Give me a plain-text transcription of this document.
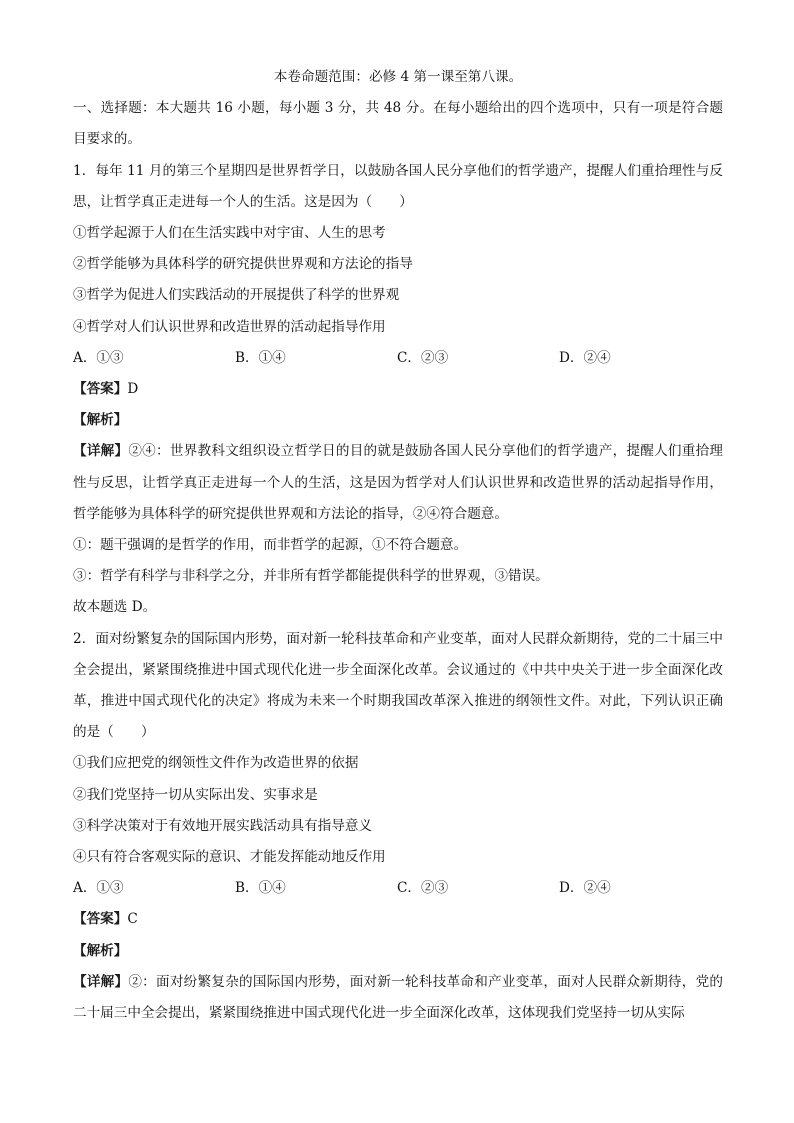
本卷命题范围：必修 4 第一课至第八课。
一、选择题：本大题共 16 小题，每小题 3 分，共 48 分。在每小题给出的四个选项中，只有一项是符合题目要求的。
1．每年 11 月的第三个星期四是世界哲学日，以鼓励各国人民分享他们的哲学遗产，提醒人们重拾理性与反思，让哲学真正走进每一个人的生活。这是因为（　　）
①哲学起源于人们在生活实践中对宇宙、人生的思考
②哲学能够为具体科学的研究提供世界观和方法论的指导
③哲学为促进人们实践活动的开展提供了科学的世界观
④哲学对人们认识世界和改造世界的活动起指导作用
A．①③	B．①④	C．②③	D．②④
【答案】D
【解析】
【详解】②④：世界教科文组织设立哲学日的目的就是鼓励各国人民分享他们的哲学遗产，提醒人们重拾理性与反思，让哲学真正走进每一个人的生活，这是因为哲学对人们认识世界和改造世界的活动起指导作用，哲学能够为具体科学的研究提供世界观和方法论的指导，②④符合题意。
①：题干强调的是哲学的作用，而非哲学的起源，①不符合题意。
③：哲学有科学与非科学之分，并非所有哲学都能提供科学的世界观，③错误。
故本题选 D。
2．面对纷繁复杂的国际国内形势，面对新一轮科技革命和产业变革，面对人民群众新期待，党的二十届三中全会提出，紧紧围绕推进中国式现代化进一步全面深化改革。会议通过的《中共中央关于进一步全面深化改革，推进中国式现代化的决定》将成为未来一个时期我国改革深入推进的纲领性文件。对此，下列认识正确的是（　　）
①我们应把党的纲领性文件作为改造世界的依据
②我们党坚持一切从实际出发、实事求是
③科学决策对于有效地开展实践活动具有指导意义
④只有符合客观实际的意识、才能发挥能动地反作用
A．①③	B．①④	C．②③	D．②④
【答案】C
【解析】
【详解】②：面对纷繁复杂的国际国内形势，面对新一轮科技革命和产业变革，面对人民群众新期待，党的二十届三中全会提出，紧紧围绕推进中国式现代化进一步全面深化改革，这体现我们党坚持一切从实际
